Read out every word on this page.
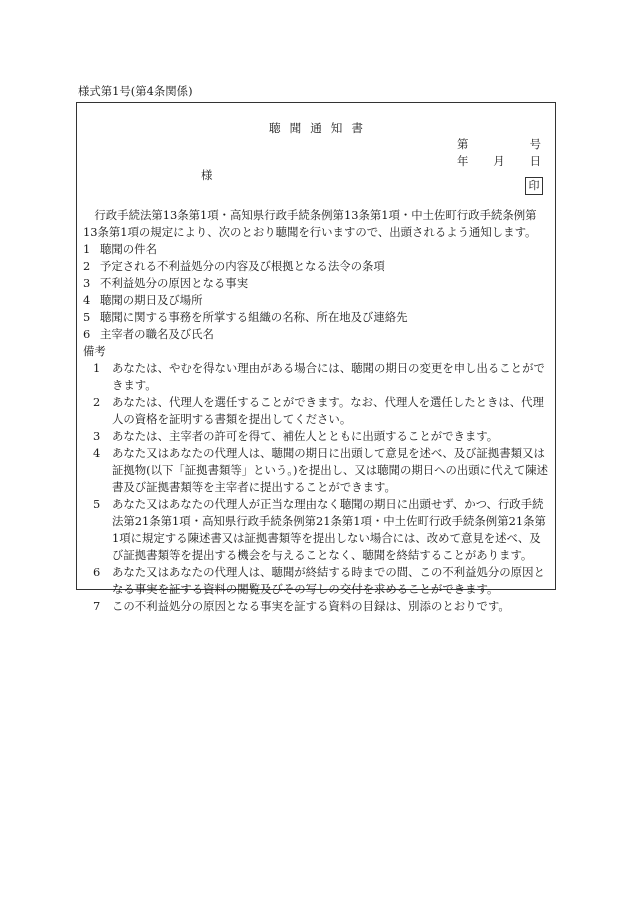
様式第1号(第4条関係)
聴聞通知書
第	号
年 月 日
様
印

行政手続法第13条第1項・高知県行政手続条例第13条第1項・中土佐町行政手続条例第13条第1項の規定により、次のとおり聴聞を行いますので、出頭されるよう通知します。

1 聴聞の件名
2 予定される不利益処分の内容及び根拠となる法令の条項
3 不利益処分の原因となる事実
4 聴聞の期日及び場所
5 聴聞に関する事務を所掌する組織の名称、所在地及び連絡先
6 主宰者の職名及び氏名

備考

1	あなたは、やむを得ない理由がある場合には、聴聞の期日の変更を申し出ることができます。
2	あなたは、代理人を選任することができます。なお、代理人を選任したときは、代理人の資格を証明する書類を提出してください。
3	あなたは、主宰者の許可を得て、補佐人とともに出頭することができます。
4	あなた又はあなたの代理人は、聴聞の期日に出頭して意見を述べ、及び証拠書類又は証拠物(以下「証拠書類等」という。)を提出し、又は聴聞の期日への出頭に代えて陳述書及び証拠書類等を主宰者に提出することができます。
5	あなた又はあなたの代理人が正当な理由なく聴聞の期日に出頭せず、かつ、行政手続法第21条第1項・高知県行政手続条例第21条第1項・中土佐町行政手続条例第21条第1項に規定する陳述書又は証拠書類等を提出しない場合には、改めて意見を述べ、及び証拠書類等を提出する機会を与えることなく、聴聞を終結することがあります。
6	あなた又はあなたの代理人は、聴聞が終結する時までの間、この不利益処分の原因となる事実を証する資料の閲覧及びその写しの交付を求めることができます。
7	この不利益処分の原因となる事実を証する資料の目録は、別添のとおりです。
